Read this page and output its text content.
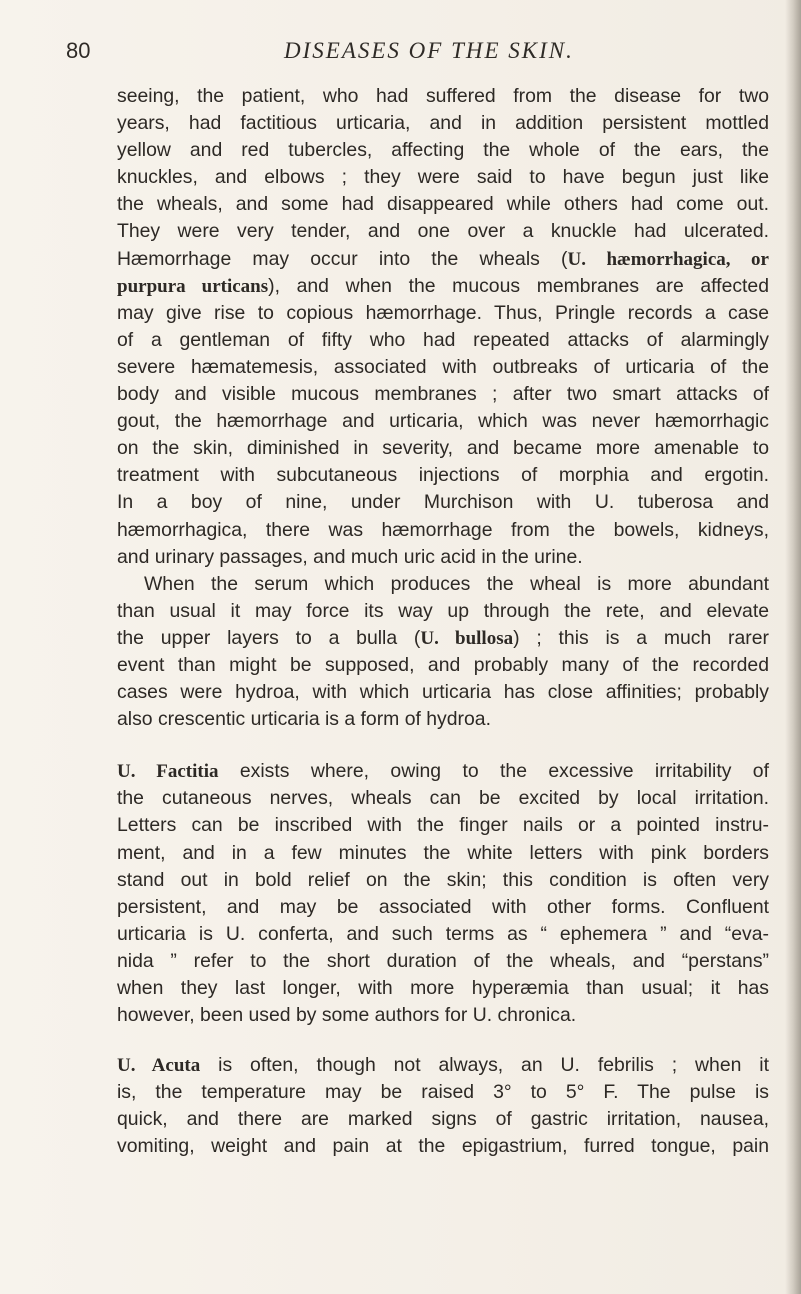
80	DISEASES OF THE SKIN.

seeing, the patient, who had suffered from the disease for two
years, had factitious urticaria, and in addition persistent mottled
yellow and red tubercles, affecting the whole of the ears, the
knuckles, and elbows ; they were said to have begun just like
the wheals, and some had disappeared while others had come out.
They were very tender, and one over a knuckle had ulcerated.
Hæmorrhage may occur into the wheals (U. hæmorrhagica, or
purpura urticans), and when the mucous membranes are affected
may give rise to copious hæmorrhage. Thus, Pringle records a case
of a gentleman of fifty who had repeated attacks of alarmingly
severe hæmatemesis, associated with outbreaks of urticaria of the
body and visible mucous membranes ; after two smart attacks of
gout, the hæmorrhage and urticaria, which was never hæmorrhagic
on the skin, diminished in severity, and became more amenable to
treatment with subcutaneous injections of morphia and ergotin.
In a boy of nine, under Murchison with U. tuberosa and
hæmorrhagica, there was hæmorrhage from the bowels, kidneys,
and urinary passages, and much uric acid in the urine.

When the serum which produces the wheal is more abundant
than usual it may force its way up through the rete, and elevate
the upper layers to a bulla (U. bullosa) ; this is a much rarer
event than might be supposed, and probably many of the recorded
cases were hydroa, with which urticaria has close affinities; probably
also crescentic urticaria is a form of hydroa.

U. Factitia exists where, owing to the excessive irritability of
the cutaneous nerves, wheals can be excited by local irritation.
Letters can be inscribed with the finger nails or a pointed instru-
ment, and in a few minutes the white letters with pink borders
stand out in bold relief on the skin; this condition is often very
persistent, and may be associated with other forms. Confluent
urticaria is U. conferta, and such terms as “ ephemera ” and “eva-
nida ” refer to the short duration of the wheals, and “perstans”
when they last longer, with more hyperæmia than usual; it has
however, been used by some authors for U. chronica.

U. Acuta is often, though not always, an U. febrilis ; when it
is, the temperature may be raised 3° to 5° F. The pulse is
quick, and there are marked signs of gastric irritation, nausea,
vomiting, weight and pain at the epigastrium, furred tongue, pain
